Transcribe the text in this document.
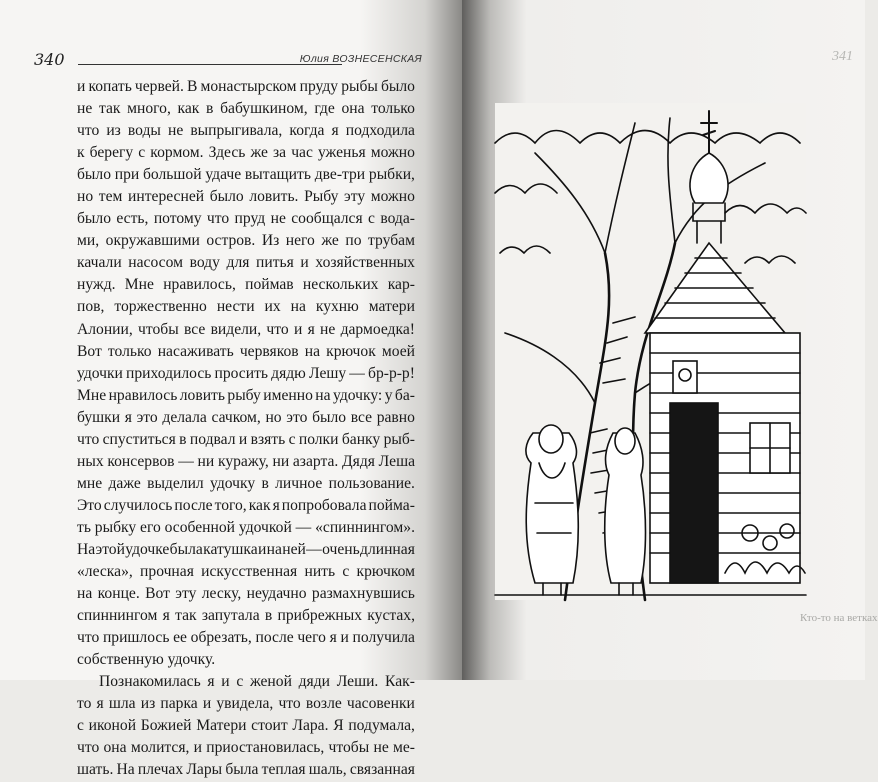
341
Кто-то на ветках
340	Юлия ВОЗНЕСЕНСКАЯ
и копать червей. В монастырском пруду рыбы было
не так много, как в бабушкином, где она только
что из воды не выпрыгивала, когда я подходила
к берегу с кормом. Здесь же за час уженья можно
было при большой удаче вытащить две-три рыбки,
но тем интересней было ловить. Рыбу эту можно
было есть, потому что пруд не сообщался с вода-
ми, окружавшими остров. Из него же по трубам
качали насосом воду для питья и хозяйственных
нужд. Мне нравилось, поймав нескольких кар-
пов, торжественно нести их на кухню матери
Алонии, чтобы все видели, что и я не дармоедка!
Вот только насаживать червяков на крючок моей
удочки приходилось просить дядю Лешу — бр-р-р!
Мне нравилось ловить рыбу именно на удочку: у ба-
бушки я это делала сачком, но это было все равно
что спуститься в подвал и взять с полки банку рыб-
ных консервов — ни куражу, ни азарта. Дядя Леша
мне даже выделил удочку в личное пользование.
Это случилось после того, как я попробовала пойма-
ть рыбку его особенной удочкой — «спиннингом».
На этой удочке была катушка и на ней — очень длинная
«леска», прочная искусственная нить с крючком
на конце. Вот эту леску, неудачно размахнувшись
спиннингом я так запутала в прибрежных кустах,
что пришлось ее обрезать, после чего я и получила
собственную удочку.
Познакомилась я и с женой дяди Леши. Как-
то я шла из парка и увидела, что возле часовенки
с иконой Божией Матери стоит Лара. Я подумала,
что она молится, и приостановилась, чтобы не ме-
шать. На плечах Лары была теплая шаль, связанная
